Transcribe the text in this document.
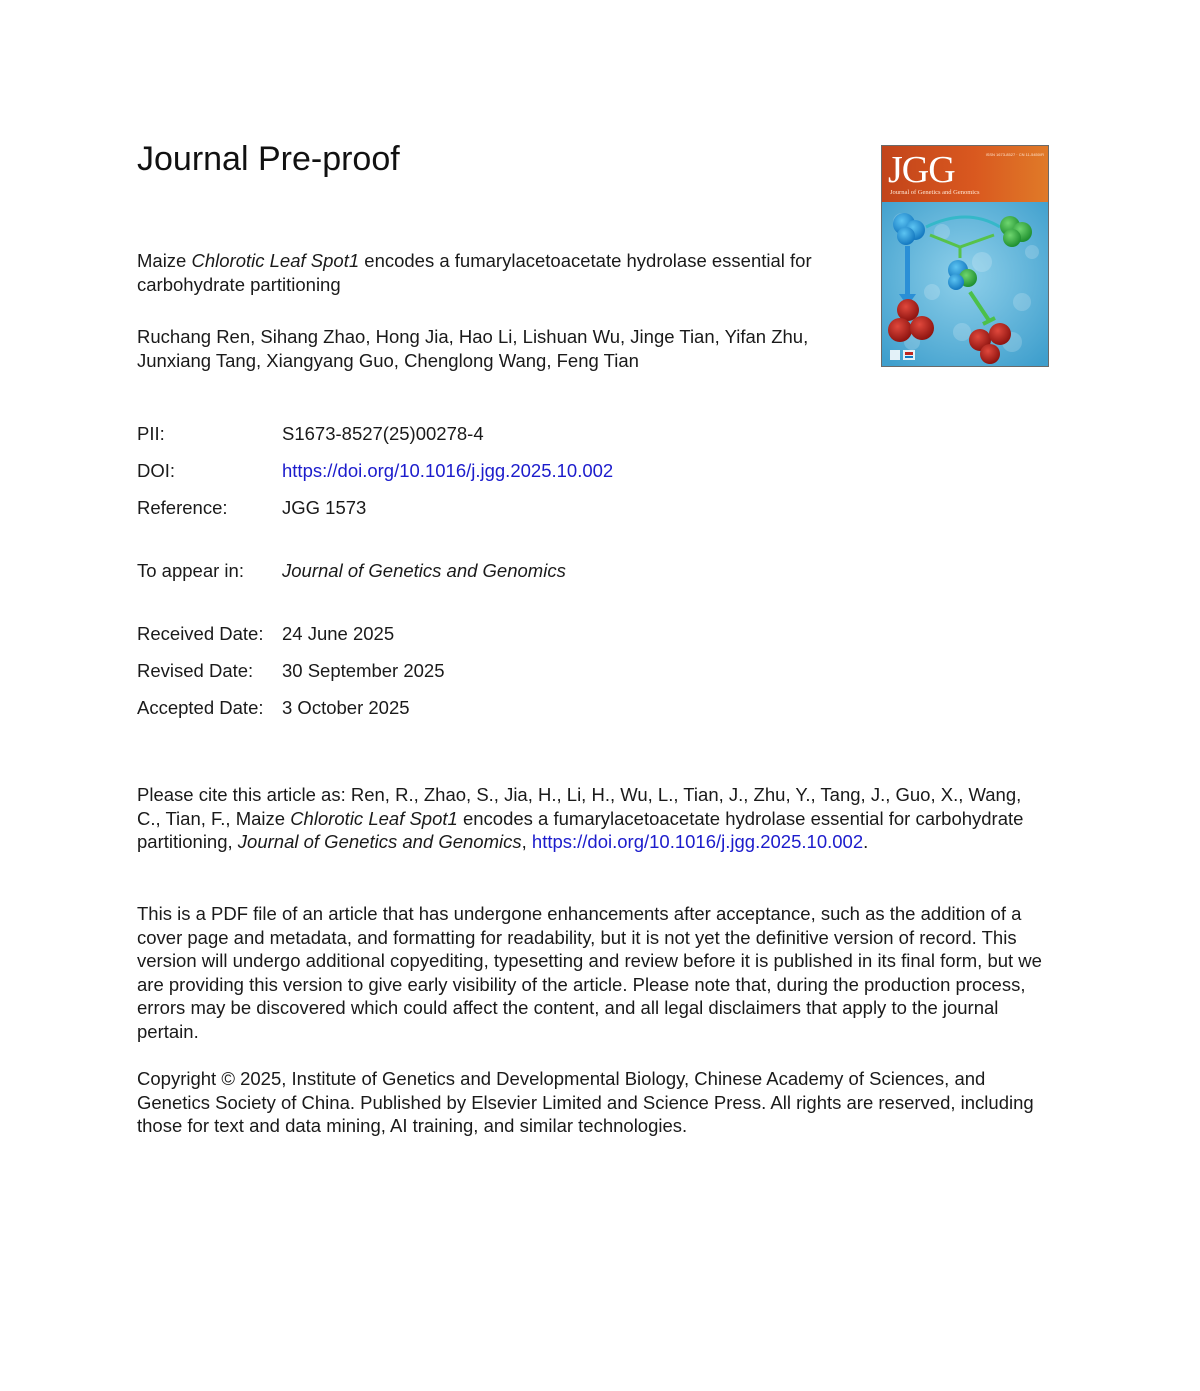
Journal Pre-proof

Maize Chlorotic Leaf Spot1 encodes a fumarylacetoacetate hydrolase essential for carbohydrate partitioning

Ruchang Ren, Sihang Zhao, Hong Jia, Hao Li, Lishuan Wu, Jinge Tian, Yifan Zhu, Junxiang Tang, Xiangyang Guo, Chenglong Wang, Feng Tian

JGG
Journal of Genetics and Genomics
ISSN 1673-8527 · CN 11-5450/R
PII:	S1673-8527(25)00278-4
DOI:	https://doi.org/10.1016/j.jgg.2025.10.002
Reference:	JGG 1573
To appear in: Journal of Genetics and Genomics
Received Date: 24 June 2025
Revised Date: 30 September 2025
Accepted Date: 3 October 2025

Please cite this article as: Ren, R., Zhao, S., Jia, H., Li, H., Wu, L., Tian, J., Zhu, Y., Tang, J., Guo, X., Wang, C., Tian, F., Maize Chlorotic Leaf Spot1 encodes a fumarylacetoacetate hydrolase essential for carbohydrate partitioning, Journal of Genetics and Genomics, https://doi.org/10.1016/j.jgg.2025.10.002.

This is a PDF file of an article that has undergone enhancements after acceptance, such as the addition of a cover page and metadata, and formatting for readability, but it is not yet the definitive version of record. This version will undergo additional copyediting, typesetting and review before it is published in its final form, but we are providing this version to give early visibility of the article. Please note that, during the production process, errors may be discovered which could affect the content, and all legal disclaimers that apply to the journal pertain.

Copyright © 2025, Institute of Genetics and Developmental Biology, Chinese Academy of Sciences, and Genetics Society of China. Published by Elsevier Limited and Science Press. All rights are reserved, including those for text and data mining, AI training, and similar technologies.
